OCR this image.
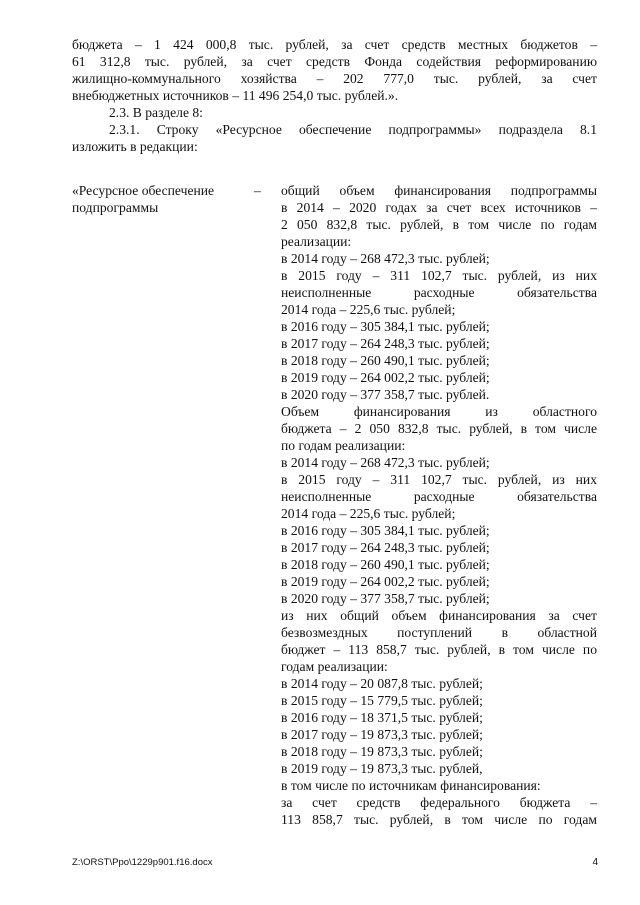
бюджета – 1 424 000,8 тыс. рублей, за счет средств местных бюджетов –
61 312,8 тыс. рублей, за счет средств Фонда содействия реформированию
жилищно-коммунального хозяйства – 202 777,0 тыс. рублей, за счет
внебюджетных источников – 11 496 254,0 тыс. рублей.».
2.3. В разделе 8:
2.3.1. Строку «Ресурсное обеспечение подпрограммы» подраздела 8.1
изложить в редакции:
«Ресурсное обеспечение
подпрограммы
– общий объем финансирования подпрограммы
в 2014 – 2020 годах за счет всех источников –
2 050 832,8 тыс. рублей, в том числе по годам
реализации:
в 2014 году – 268 472,3 тыс. рублей;
в 2015 году – 311 102,7 тыс. рублей, из них
неисполненные расходные обязательства
2014 года – 225,6 тыс. рублей;
в 2016 году – 305 384,1 тыс. рублей;
в 2017 году – 264 248,3 тыс. рублей;
в 2018 году – 260 490,1 тыс. рублей;
в 2019 году – 264 002,2 тыс. рублей;
в 2020 году – 377 358,7 тыс. рублей.
Объем финансирования из областного
бюджета – 2 050 832,8 тыс. рублей, в том числе
по годам реализации:
в 2014 году – 268 472,3 тыс. рублей;
в 2015 году – 311 102,7 тыс. рублей, из них
неисполненные расходные обязательства
2014 года – 225,6 тыс. рублей;
в 2016 году – 305 384,1 тыс. рублей;
в 2017 году – 264 248,3 тыс. рублей;
в 2018 году – 260 490,1 тыс. рублей;
в 2019 году – 264 002,2 тыс. рублей;
в 2020 году – 377 358,7 тыс. рублей;
из них общий объем финансирования за счет
безвозмездных поступлений в областной
бюджет – 113 858,7 тыс. рублей, в том числе по
годам реализации:
в 2014 году – 20 087,8 тыс. рублей;
в 2015 году – 15 779,5 тыс. рублей;
в 2016 году – 18 371,5 тыс. рублей;
в 2017 году – 19 873,3 тыс. рублей;
в 2018 году – 19 873,3 тыс. рублей;
в 2019 году – 19 873,3 тыс. рублей,
в том числе по источникам финансирования:
за счет средств федерального бюджета –
113 858,7 тыс. рублей, в том числе по годам
Z:\ORST\Ppo\1229p901.f16.docx	4
